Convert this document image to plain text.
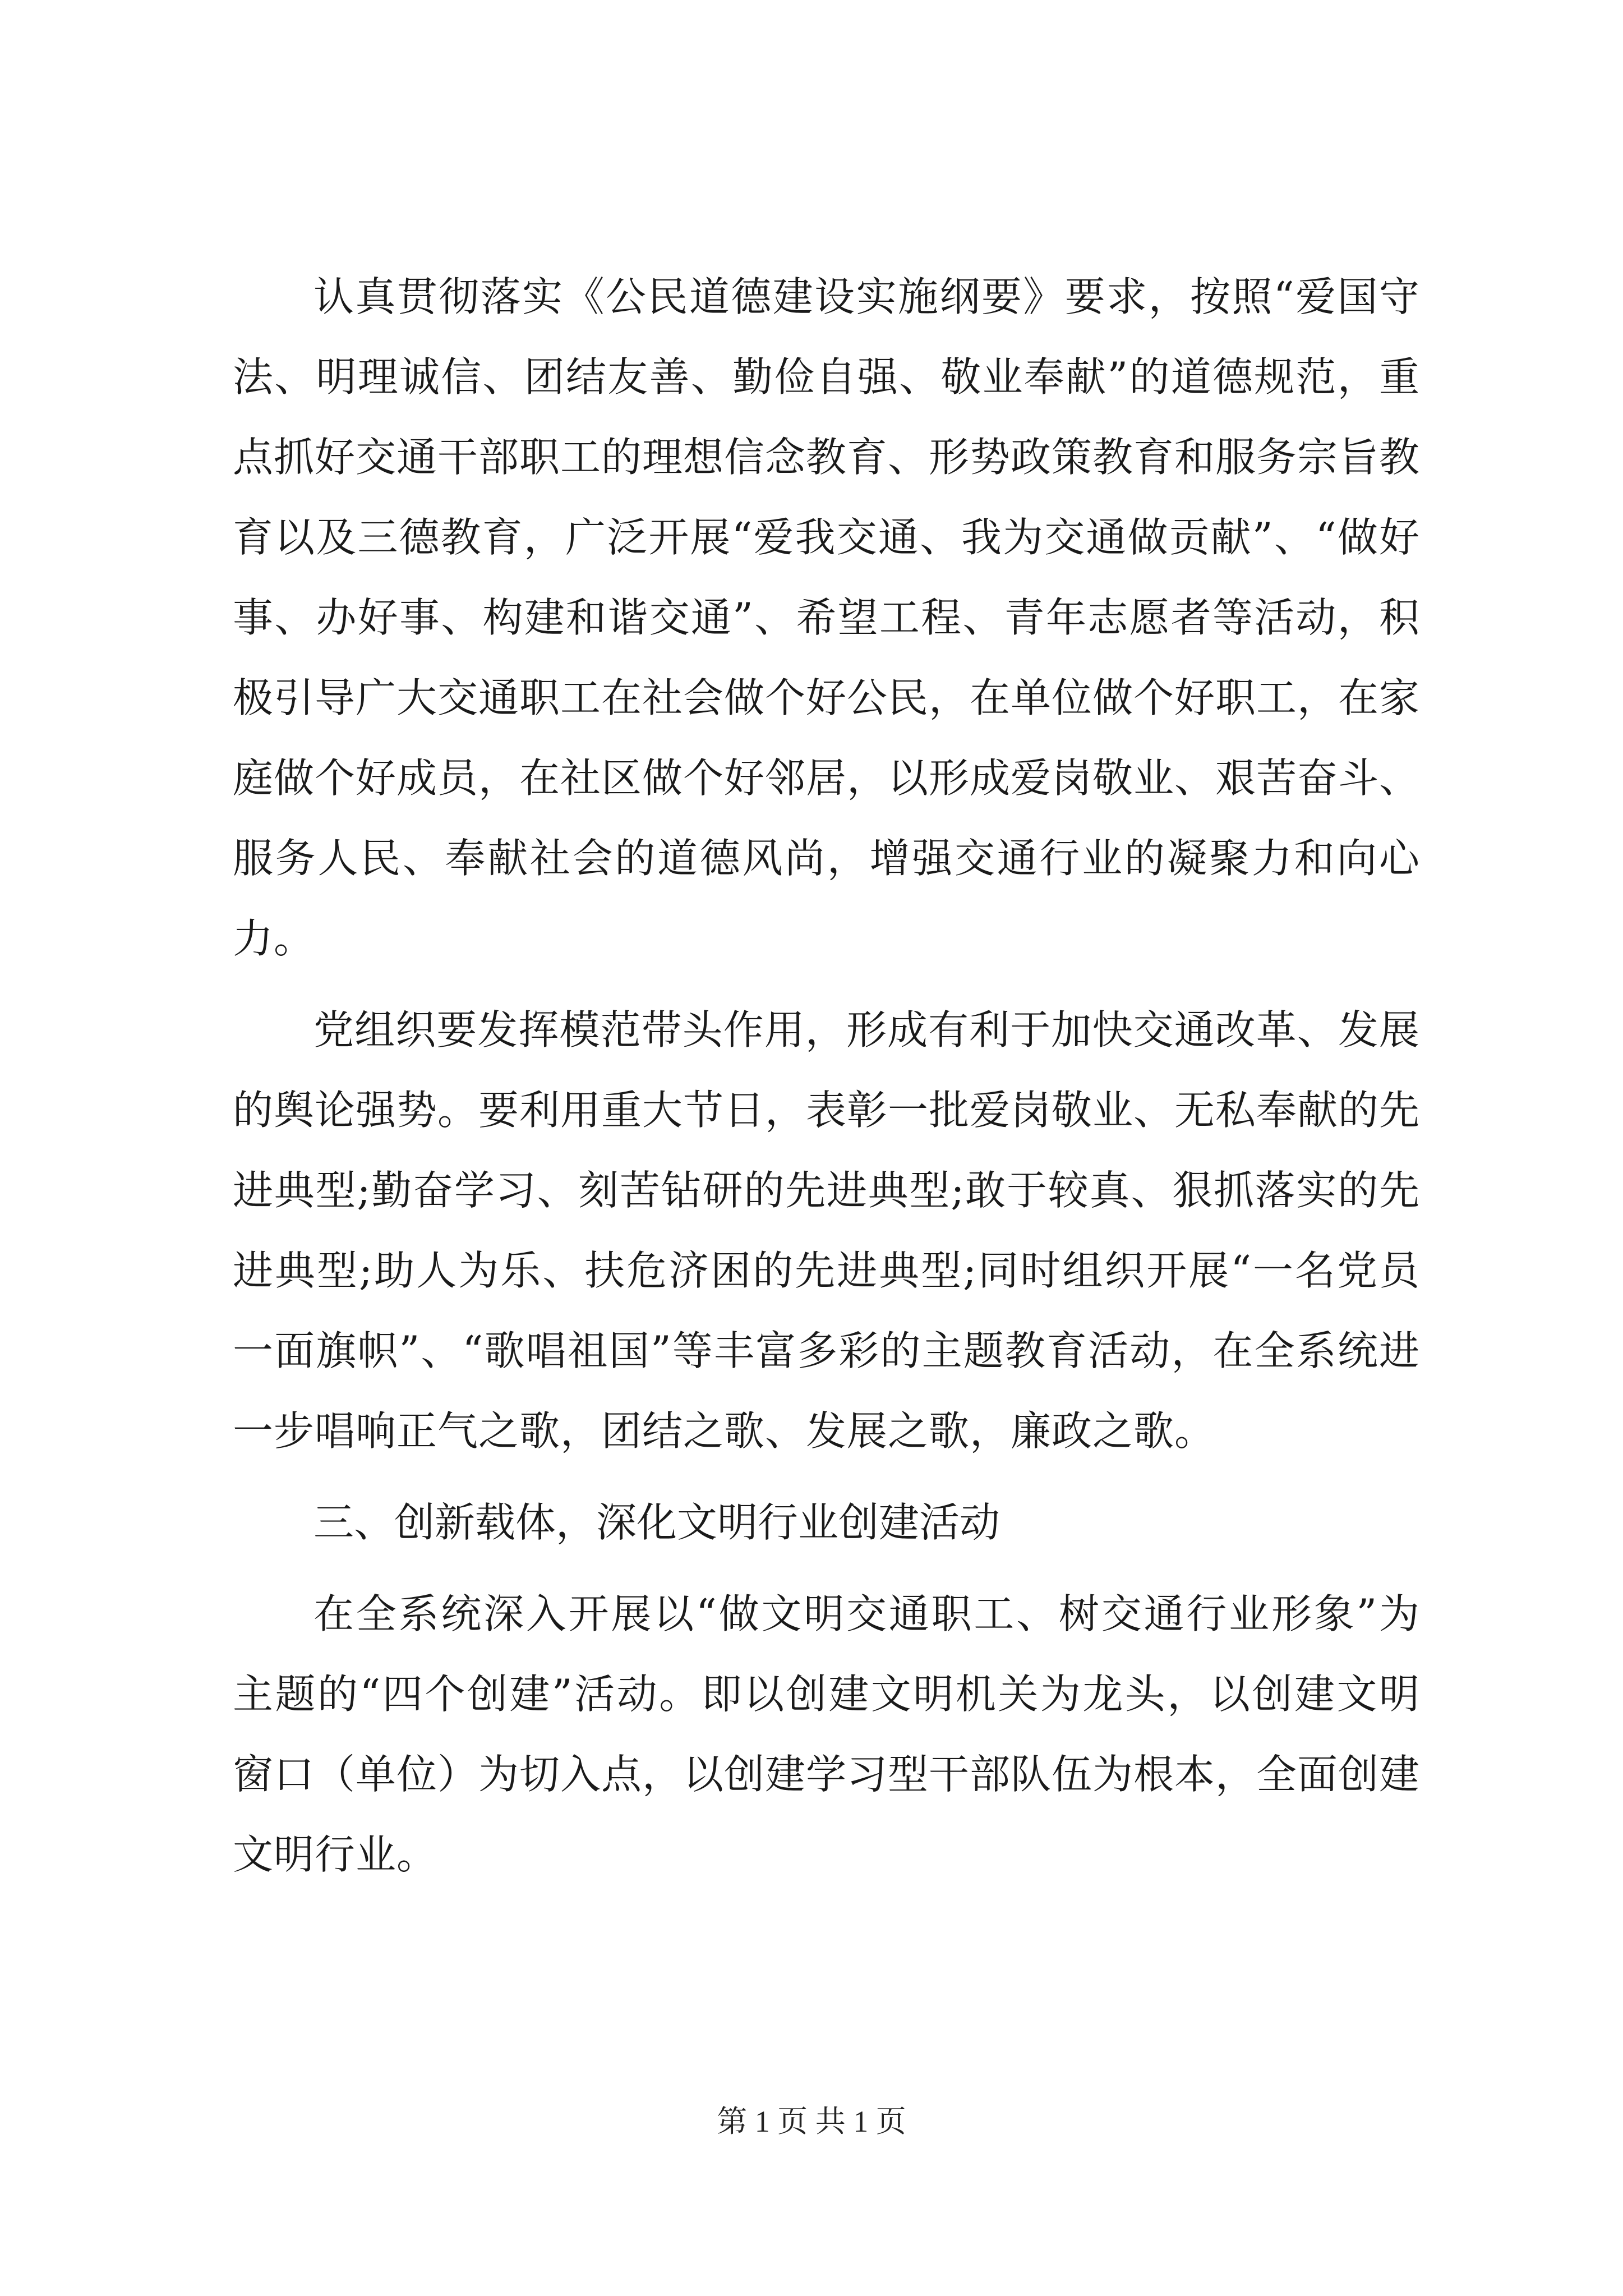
认真贯彻落实《公民道德建设实施纲要》要求，按照“爱国守法、明理诚信、团结友善、勤俭自强、敬业奉献”的道德规范，重点抓好交通干部职工的理想信念教育、形势政策教育和服务宗旨教育以及三德教育，广泛开展“爱我交通、我为交通做贡献”、“做好事、办好事、构建和谐交通”、希望工程、青年志愿者等活动，积极引导广大交通职工在社会做个好公民，在单位做个好职工，在家庭做个好成员，在社区做个好邻居，以形成爱岗敬业、艰苦奋斗、服务人民、奉献社会的道德风尚，增强交通行业的凝聚力和向心力。

党组织要发挥模范带头作用，形成有利于加快交通改革、发展的舆论强势。要利用重大节日，表彰一批爱岗敬业、无私奉献的先进典型;勤奋学习、刻苦钻研的先进典型;敢于较真、狠抓落实的先进典型;助人为乐、扶危济困的先进典型;同时组织开展“一名党员一面旗帜”、“歌唱祖国”等丰富多彩的主题教育活动，在全系统进一步唱响正气之歌，团结之歌、发展之歌，廉政之歌。

三、创新载体，深化文明行业创建活动

在全系统深入开展以“做文明交通职工、树交通行业形象”为主题的“四个创建”活动。即以创建文明机关为龙头，以创建文明窗口（单位）为切入点，以创建学习型干部队伍为根本，全面创建文明行业。

第 1 页 共 1 页
